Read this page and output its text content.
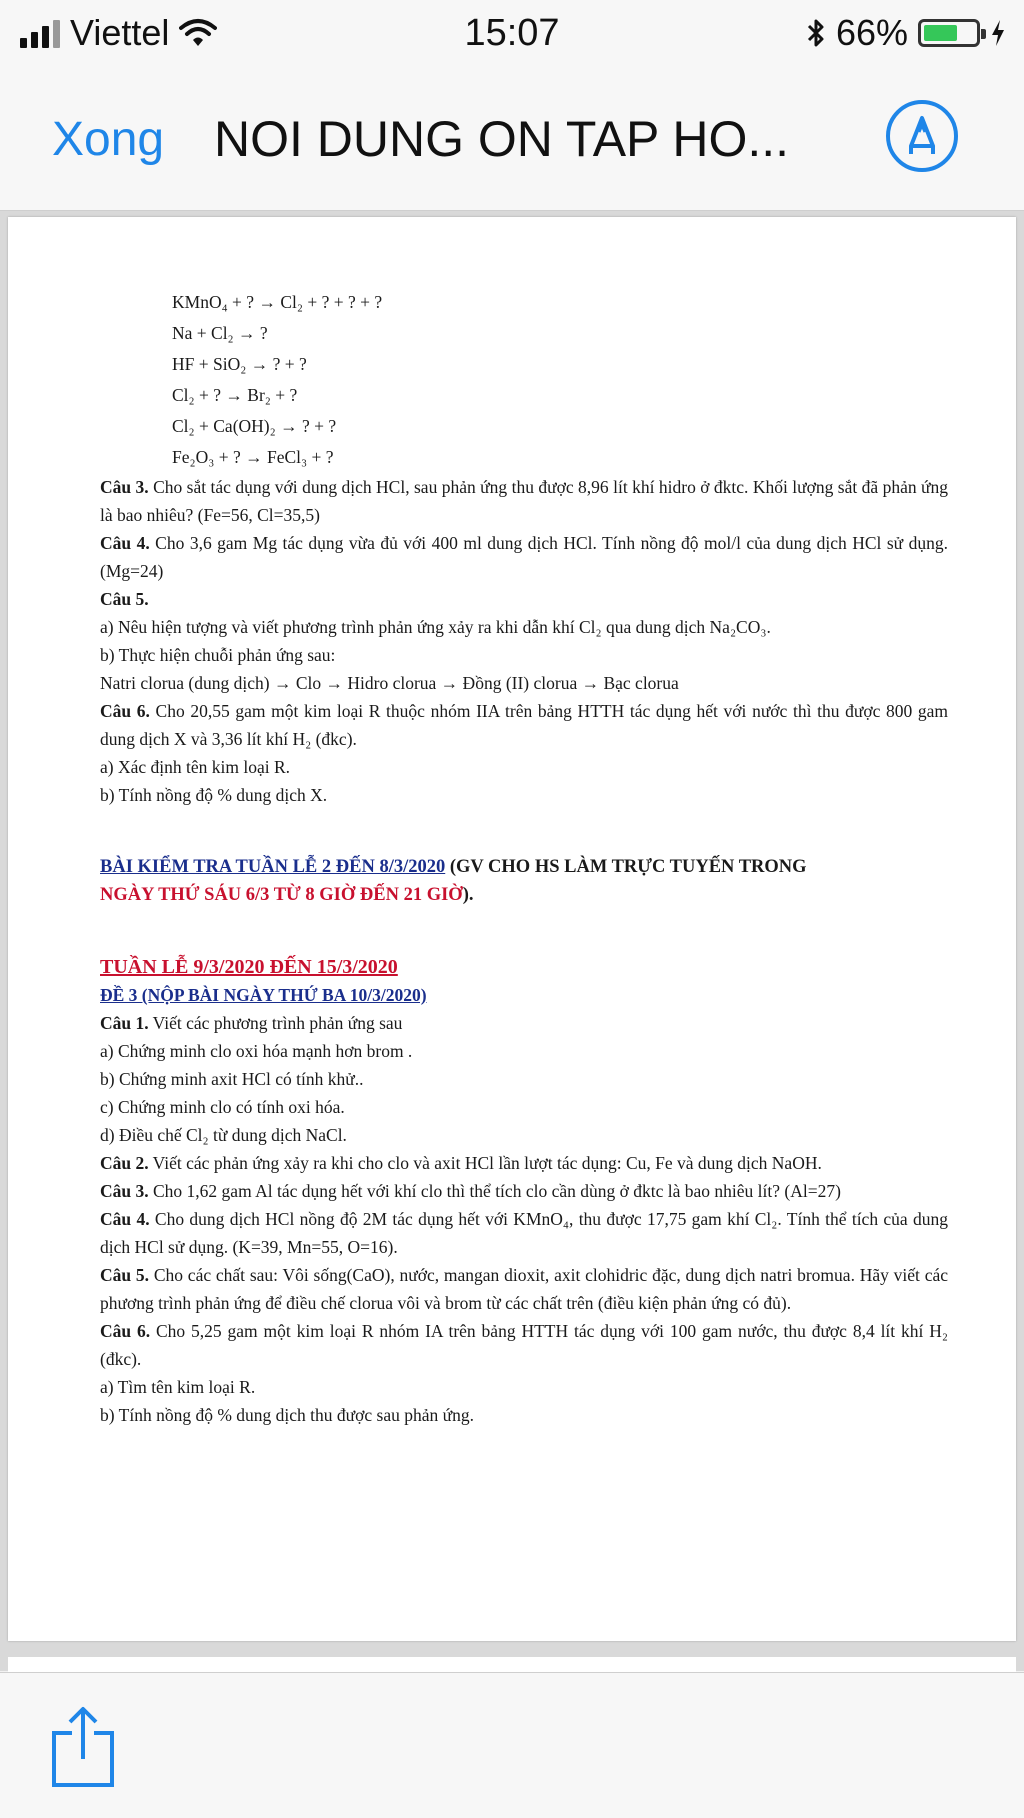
Viettel	15:07	66%
Xong NOI DUNG ON TAP HO...
KMnO₄ + ? → Cl₂ + ? + ? + ?
Na + Cl₂ → ?
HF + SiO₂ → ? + ?
Cl₂ + ? → Br₂ + ?
Cl₂ + Ca(OH)₂ → ? + ?
Fe₂O₃ + ? → FeCl₃ + ?
Câu 3. Cho sắt tác dụng với dung dịch HCl, sau phản ứng thu được 8,96 lít khí hidro ở đktc. Khối lượng sắt đã phản ứng là bao nhiêu? (Fe=56, Cl=35,5)
Câu 4. Cho 3,6 gam Mg tác dụng vừa đủ với 400 ml dung dịch HCl. Tính nồng độ mol/l của dung dịch HCl sử dụng. (Mg=24)
Câu 5.
a) Nêu hiện tượng và viết phương trình phản ứng xảy ra khi dẫn khí Cl₂ qua dung dịch Na₂CO₃.
b) Thực hiện chuỗi phản ứng sau:
Natri clorua (dung dịch) → Clo → Hidro clorua → Đồng (II) clorua → Bạc clorua
Câu 6. Cho 20,55 gam một kim loại R thuộc nhóm IIA trên bảng HTTH tác dụng hết với nước thì thu được 800 gam dung dịch X và 3,36 lít khí H₂ (đkc).
a) Xác định tên kim loại R.
b) Tính nồng độ % dung dịch X.
BÀI KIỂM TRA TUẦN LỄ 2 ĐẾN 8/3/2020 (GV CHO HS LÀM TRỰC TUYẾN TRONG
NGÀY THỨ SÁU 6/3 TỪ 8 GIỜ ĐẾN 21 GIỜ).
TUẦN LỄ 9/3/2020 ĐẾN 15/3/2020
ĐỀ 3 (NỘP BÀI NGÀY THỨ BA 10/3/2020)
Câu 1. Viết các phương trình phản ứng sau
a) Chứng minh clo oxi hóa mạnh hơn brom .
b) Chứng minh axit HCl có tính khử..
c) Chứng minh clo có tính oxi hóa.
d) Điều chế Cl₂ từ dung dịch NaCl.
Câu 2. Viết các phản ứng xảy ra khi cho clo và axit HCl lần lượt tác dụng: Cu, Fe và dung dịch NaOH.
Câu 3. Cho 1,62 gam Al tác dụng hết với khí clo thì thể tích clo cần dùng ở đktc là bao nhiêu lít? (Al=27)
Câu 4. Cho dung dịch HCl nồng độ 2M tác dụng hết với KMnO₄, thu được 17,75 gam khí Cl₂. Tính thể tích của dung dịch HCl sử dụng. (K=39, Mn=55, O=16).
Câu 5. Cho các chất sau: Vôi sống(CaO), nước, mangan dioxit, axit clohidric đặc, dung dịch natri bromua. Hãy viết các phương trình phản ứng để điều chế clorua vôi và brom từ các chất trên (điều kiện phản ứng có đủ).
Câu 6. Cho 5,25 gam một kim loại R nhóm IA trên bảng HTTH tác dụng với 100 gam nước, thu được 8,4 lít khí H₂ (đkc).
a) Tìm tên kim loại R.
b) Tính nồng độ % dung dịch thu được sau phản ứng.
